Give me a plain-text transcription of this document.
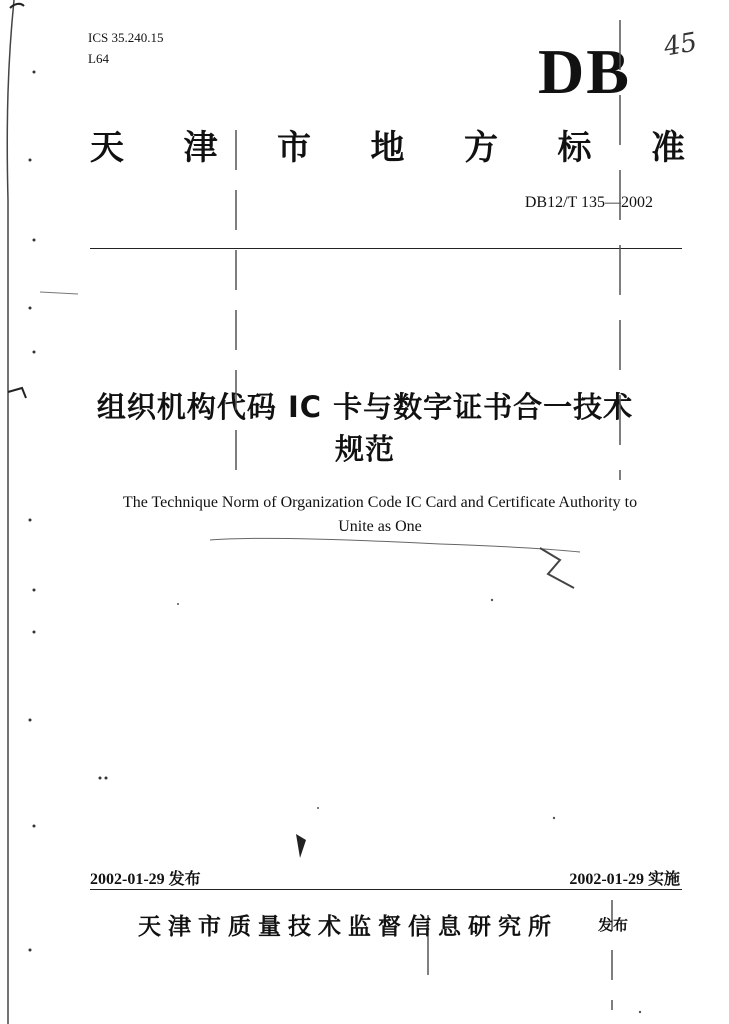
ICS 35.240.15
L64	DB 45
天 津 市 地 方 标 准
DB12/T 135—2002
组织机构代码 IC 卡与数字证书合一技术
规范
The Technique Norm of Organization Code IC Card and Certificate Authority to
Unite as One
2002-01-29 发布	2002-01-29 实施
天津市质量技术监督信息研究所	发布
